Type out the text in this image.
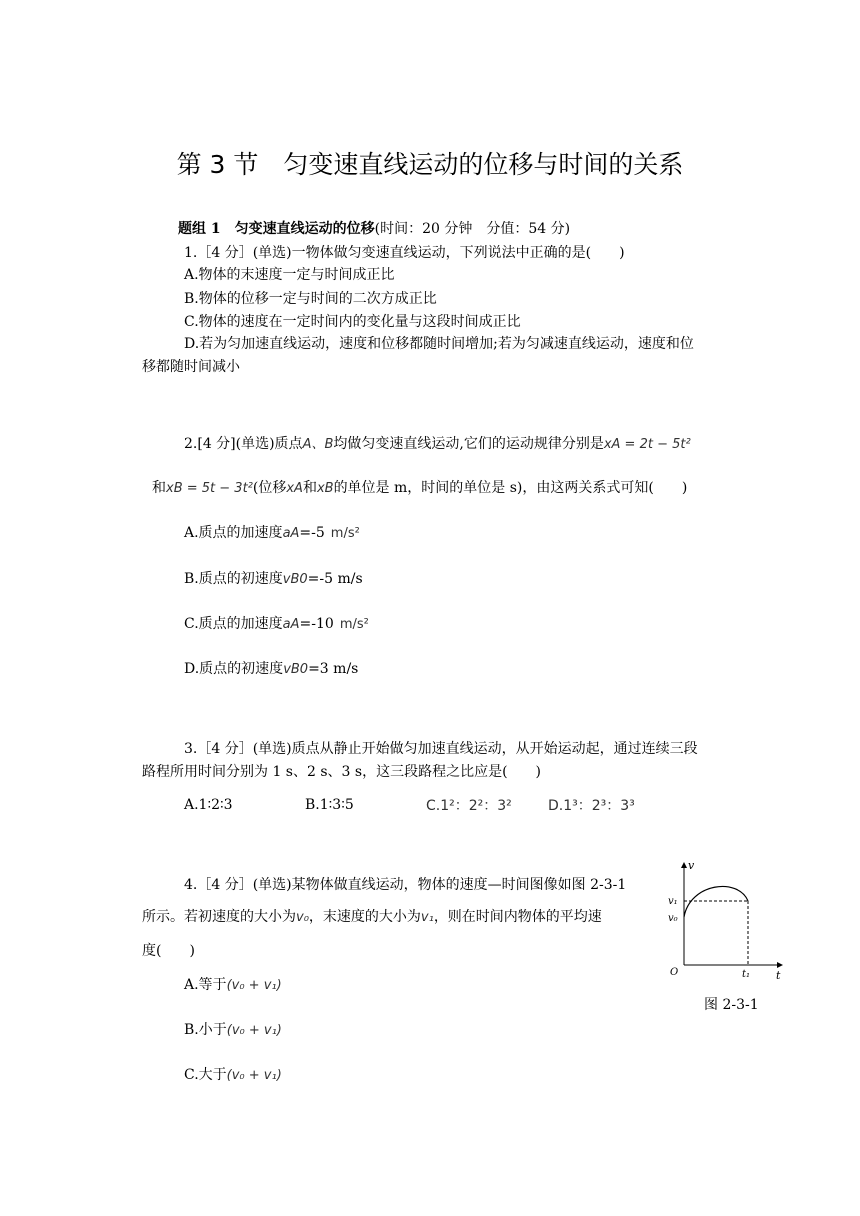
第 3 节　匀变速直线运动的位移与时间的关系
题组 1　匀变速直线运动的位移(时间：20 分钟　分值：54 分)
1.［4 分］(单选)一物体做匀变速直线运动，下列说法中正确的是(　　)
A.物体的末速度一定与时间成正比
B.物体的位移一定与时间的二次方成正比
C.物体的速度在一定时间内的变化量与这段时间成正比
D.若为匀加速直线运动，速度和位移都随时间增加;若为匀减速直线运动，速度和位
移都随时间减小
2.[4 分](单选)质点A、B均做匀变速直线运动,它们的运动规律分别是xA = 2t − 5t²
和xB = 5t − 3t²(位移xA和xB的单位是 m，时间的单位是 s)，由这两关系式可知(　　)
A.质点的加速度aA=-5 m/s²
B.质点的初速度vB0=-5 m/s
C.质点的加速度aA=-10 m/s²
D.质点的初速度vB0=3 m/s
3.［4 分］(单选)质点从静止开始做匀加速直线运动，从开始运动起，通过连续三段
路程所用时间分别为 1 s、2 s、3 s，这三段路程之比应是(　　)
A.1∶2∶3	B.1∶3∶5	C.1²：2²：3²	D.1³：2³：3³
4.［4 分］(单选)某物体做直线运动，物体的速度—时间图像如图 2-3-1
所示。若初速度的大小为v₀，末速度的大小为v₁，则在时间内物体的平均速
度(　　)
A.等于(v₀ + v₁)
B.小于(v₀ + v₁)
C.大于(v₀ + v₁)
v
t
O
v₁
v₀
t₁
图 2-3-1
